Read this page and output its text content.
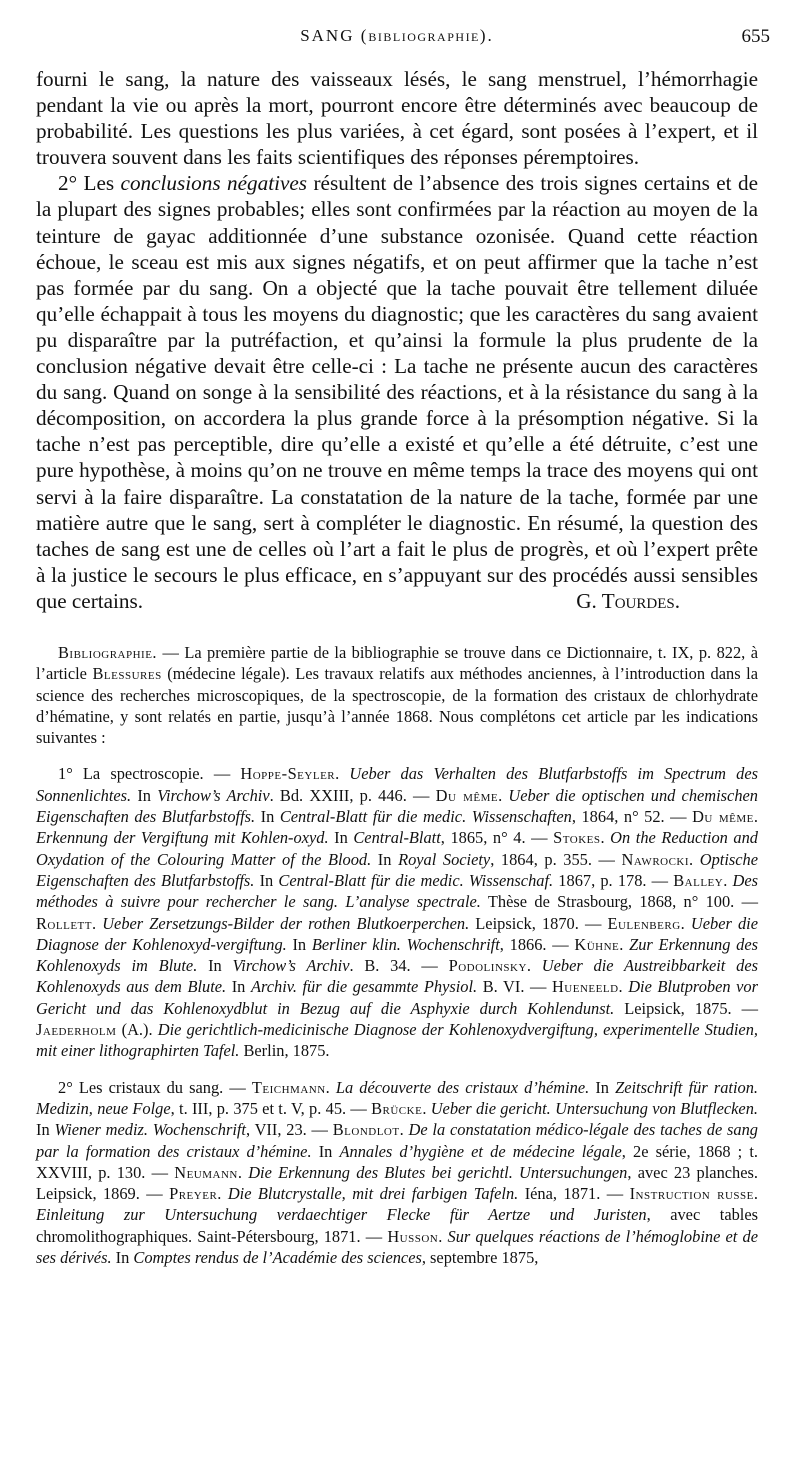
SANG (BIBLIOGRAPHIE).	655

fourni le sang, la nature des vaisseaux lésés, le sang menstruel, l’hémorrhagie pendant la vie ou après la mort, pourront encore être déterminés avec beaucoup de probabilité. Les questions les plus variées, à cet égard, sont posées à l’expert, et il trouvera souvent dans les faits scientifiques des réponses péremptoires.

2° Les conclusions négatives résultent de l’absence des trois signes certains et de la plupart des signes probables; elles sont confirmées par la réaction au moyen de la teinture de gayac additionnée d’une substance ozonisée. Quand cette réaction échoue, le sceau est mis aux signes négatifs, et on peut affirmer que la tache n’est pas formée par du sang. On a objecté que la tache pouvait être tellement diluée qu’elle échappait à tous les moyens du diagnostic; que les caractères du sang avaient pu disparaître par la putréfaction, et qu’ainsi la formule la plus prudente de la conclusion négative devait être celle-ci : La tache ne présente aucun des caractères du sang. Quand on songe à la sensibilité des réactions, et à la résistance du sang à la décomposition, on accordera la plus grande force à la présomption négative. Si la tache n’est pas perceptible, dire qu’elle a existé et qu’elle a été détruite, c’est une pure hypothèse, à moins qu’on ne trouve en même temps la trace des moyens qui ont servi à la faire disparaître. La constatation de la nature de la tache, formée par une matière autre que le sang, sert à compléter le diagnostic. En résumé, la question des taches de sang est une de celles où l’art a fait le plus de progrès, et où l’expert prête à la justice le secours le plus efficace, en s’appuyant sur des procédés aussi sensibles que certains.	G. Tourdes.

Bibliographie. — La première partie de la bibliographie se trouve dans ce Dictionnaire, t. IX, p. 822, à l’article Blessures (médecine légale). Les travaux relatifs aux méthodes anciennes, à l’introduction dans la science des recherches microscopiques, de la spectroscopie, de la formation des cristaux de chlorhydrate d’hématine, y sont relatés en partie, jusqu’à l’année 1868. Nous complétons cet article par les indications suivantes :

1° La spectroscopie. — Hoppe-Seyler. Ueber das Verhalten des Blutfarbstoffs im Spectrum des Sonnenlichtes. In Virchow’s Archiv. Bd. XXIII, p. 446. — Du même. Ueber die optischen und chemischen Eigenschaften des Blutfarbstoffs. In Central-Blatt für die medic. Wissenschaften, 1864, n° 52. — Du même. Erkennung der Vergiftung mit Kohlen-oxyd. In Central-Blatt, 1865, n° 4. — Stokes. On the Reduction and Oxydation of the Colouring Matter of the Blood. In Royal Society, 1864, p. 355. — Nawrocki. Optische Eigenschaften des Blutfarbstoffs. In Central-Blatt für die medic. Wissenschaf. 1867, p. 178. — Balley. Des méthodes à suivre pour rechercher le sang. L’analyse spectrale. Thèse de Strasbourg, 1868, n° 100. — Rollett. Ueber Zersetzungs-Bilder der rothen Blutkoerperchen. Leipsick, 1870. — Eulenberg. Ueber die Diagnose der Kohlenoxyd-vergiftung. In Berliner klin. Wochenschrift, 1866. — Kühne. Zur Erkennung des Kohlenoxyds im Blute. In Virchow’s Archiv. B. 34. — Podolinsky. Ueber die Austreibbarkeit des Kohlenoxyds aus dem Blute. In Archiv. für die gesammte Physiol. B. VI. — Hueneeld. Die Blutproben vor Gericht und das Kohlenoxydblut in Bezug auf die Asphyxie durch Kohlendunst. Leipsick, 1875. — Jaederholm (A.). Die gerichtlich-medicinische Diagnose der Kohlenoxydvergiftung, experimentelle Studien, mit einer lithographirten Tafel. Berlin, 1875.

2° Les cristaux du sang. — Teichmann. La découverte des cristaux d’hémine. In Zeitschrift für ration. Medizin, neue Folge, t. III, p. 375 et t. V, p. 45. — Brücke. Ueber die gericht. Untersuchung von Blutflecken. In Wiener mediz. Wochenschrift, VII, 23. — Blondlot. De la constatation médico-légale des taches de sang par la formation des cristaux d’hémine. In Annales d’hygiène et de médecine légale, 2e série, 1868 ; t. XXVIII, p. 130. — Neumann. Die Erkennung des Blutes bei gerichtl. Untersuchungen, avec 23 planches. Leipsick, 1869. — Preyer. Die Blutcrystalle, mit drei farbigen Tafeln. Iéna, 1871. — Instruction russe. Einleitung zur Untersuchung verdaechtiger Flecke für Aertze und Juristen, avec tables chromolithographiques. Saint-Pétersbourg, 1871. — Husson. Sur quelques réactions de l’hémoglobine et de ses dérivés. In Comptes rendus de l’Académie des sciences, septembre 1875,
